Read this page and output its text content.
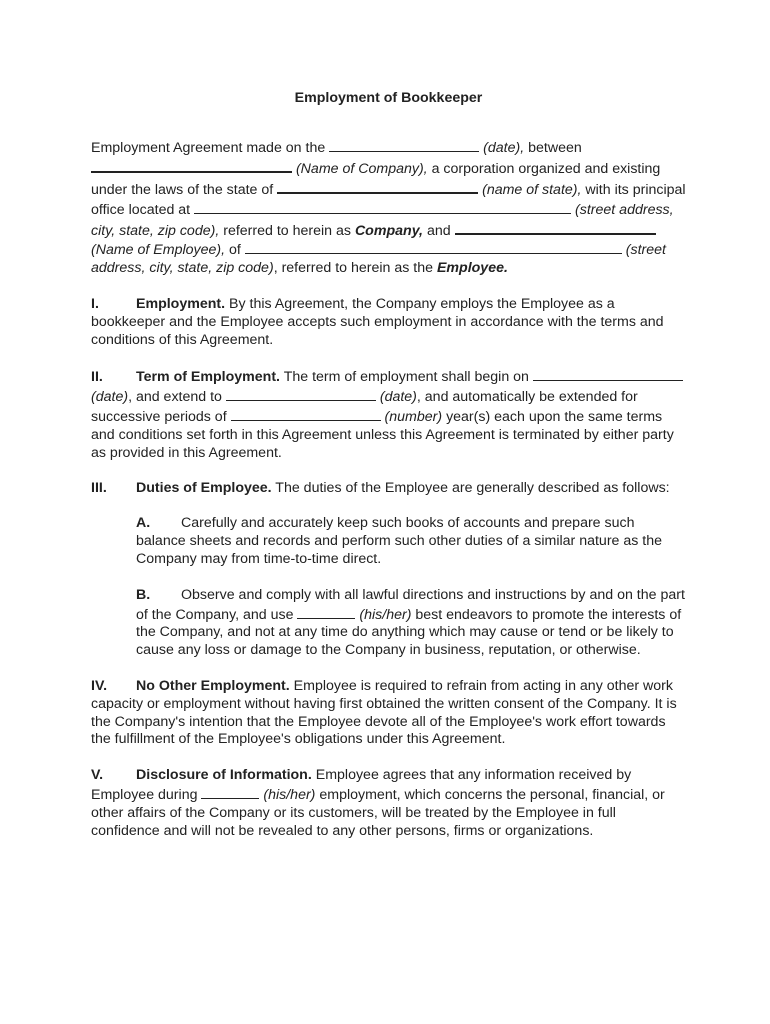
Employment of Bookkeeper

Employment Agreement made on the	(date), between  (Name of Company), a corporation organized and existing under the laws of the state of	(name of state), with its principal office located at	(street address, city, state, zip code), referred to herein as Company, and  (Name of Employee), of	(street address, city, state, zip code), referred to herein as the Employee.

I.	Employment. By this Agreement, the Company employs the Employee as a bookkeeper and the Employee accepts such employment in accordance with the terms and conditions of this Agreement.

II. Term of Employment. The term of employment shall begin on  (date), and extend to	(date), and automatically be extended for successive periods of	(number) year(s) each upon the same terms and conditions set forth in this Agreement unless this Agreement is terminated by either party as provided in this Agreement.

III. Duties of Employee. The duties of the Employee are generally described as follows:

A. Carefully and accurately keep such books of accounts and prepare such balance sheets and records and perform such other duties of a similar nature as the Company may from time-to-time direct.

B. Observe and comply with all lawful directions and instructions by and on the part of the Company, and use	(his/her) best endeavors to promote the interests of the Company, and not at any time do anything which may cause or tend or be likely to cause any loss or damage to the Company in business, reputation, or otherwise.

IV. No Other Employment. Employee is required to refrain from acting in any other work capacity or employment without having first obtained the written consent of the Company. It is the Company's intention that the Employee devote all of the Employee's work effort towards the fulfillment of the Employee's obligations under this Agreement.

V. Disclosure of Information. Employee agrees that any information received by Employee during	(his/her) employment, which concerns the personal, financial, or other affairs of the Company or its customers, will be treated by the Employee in full confidence and will not be revealed to any other persons, firms or organizations.
